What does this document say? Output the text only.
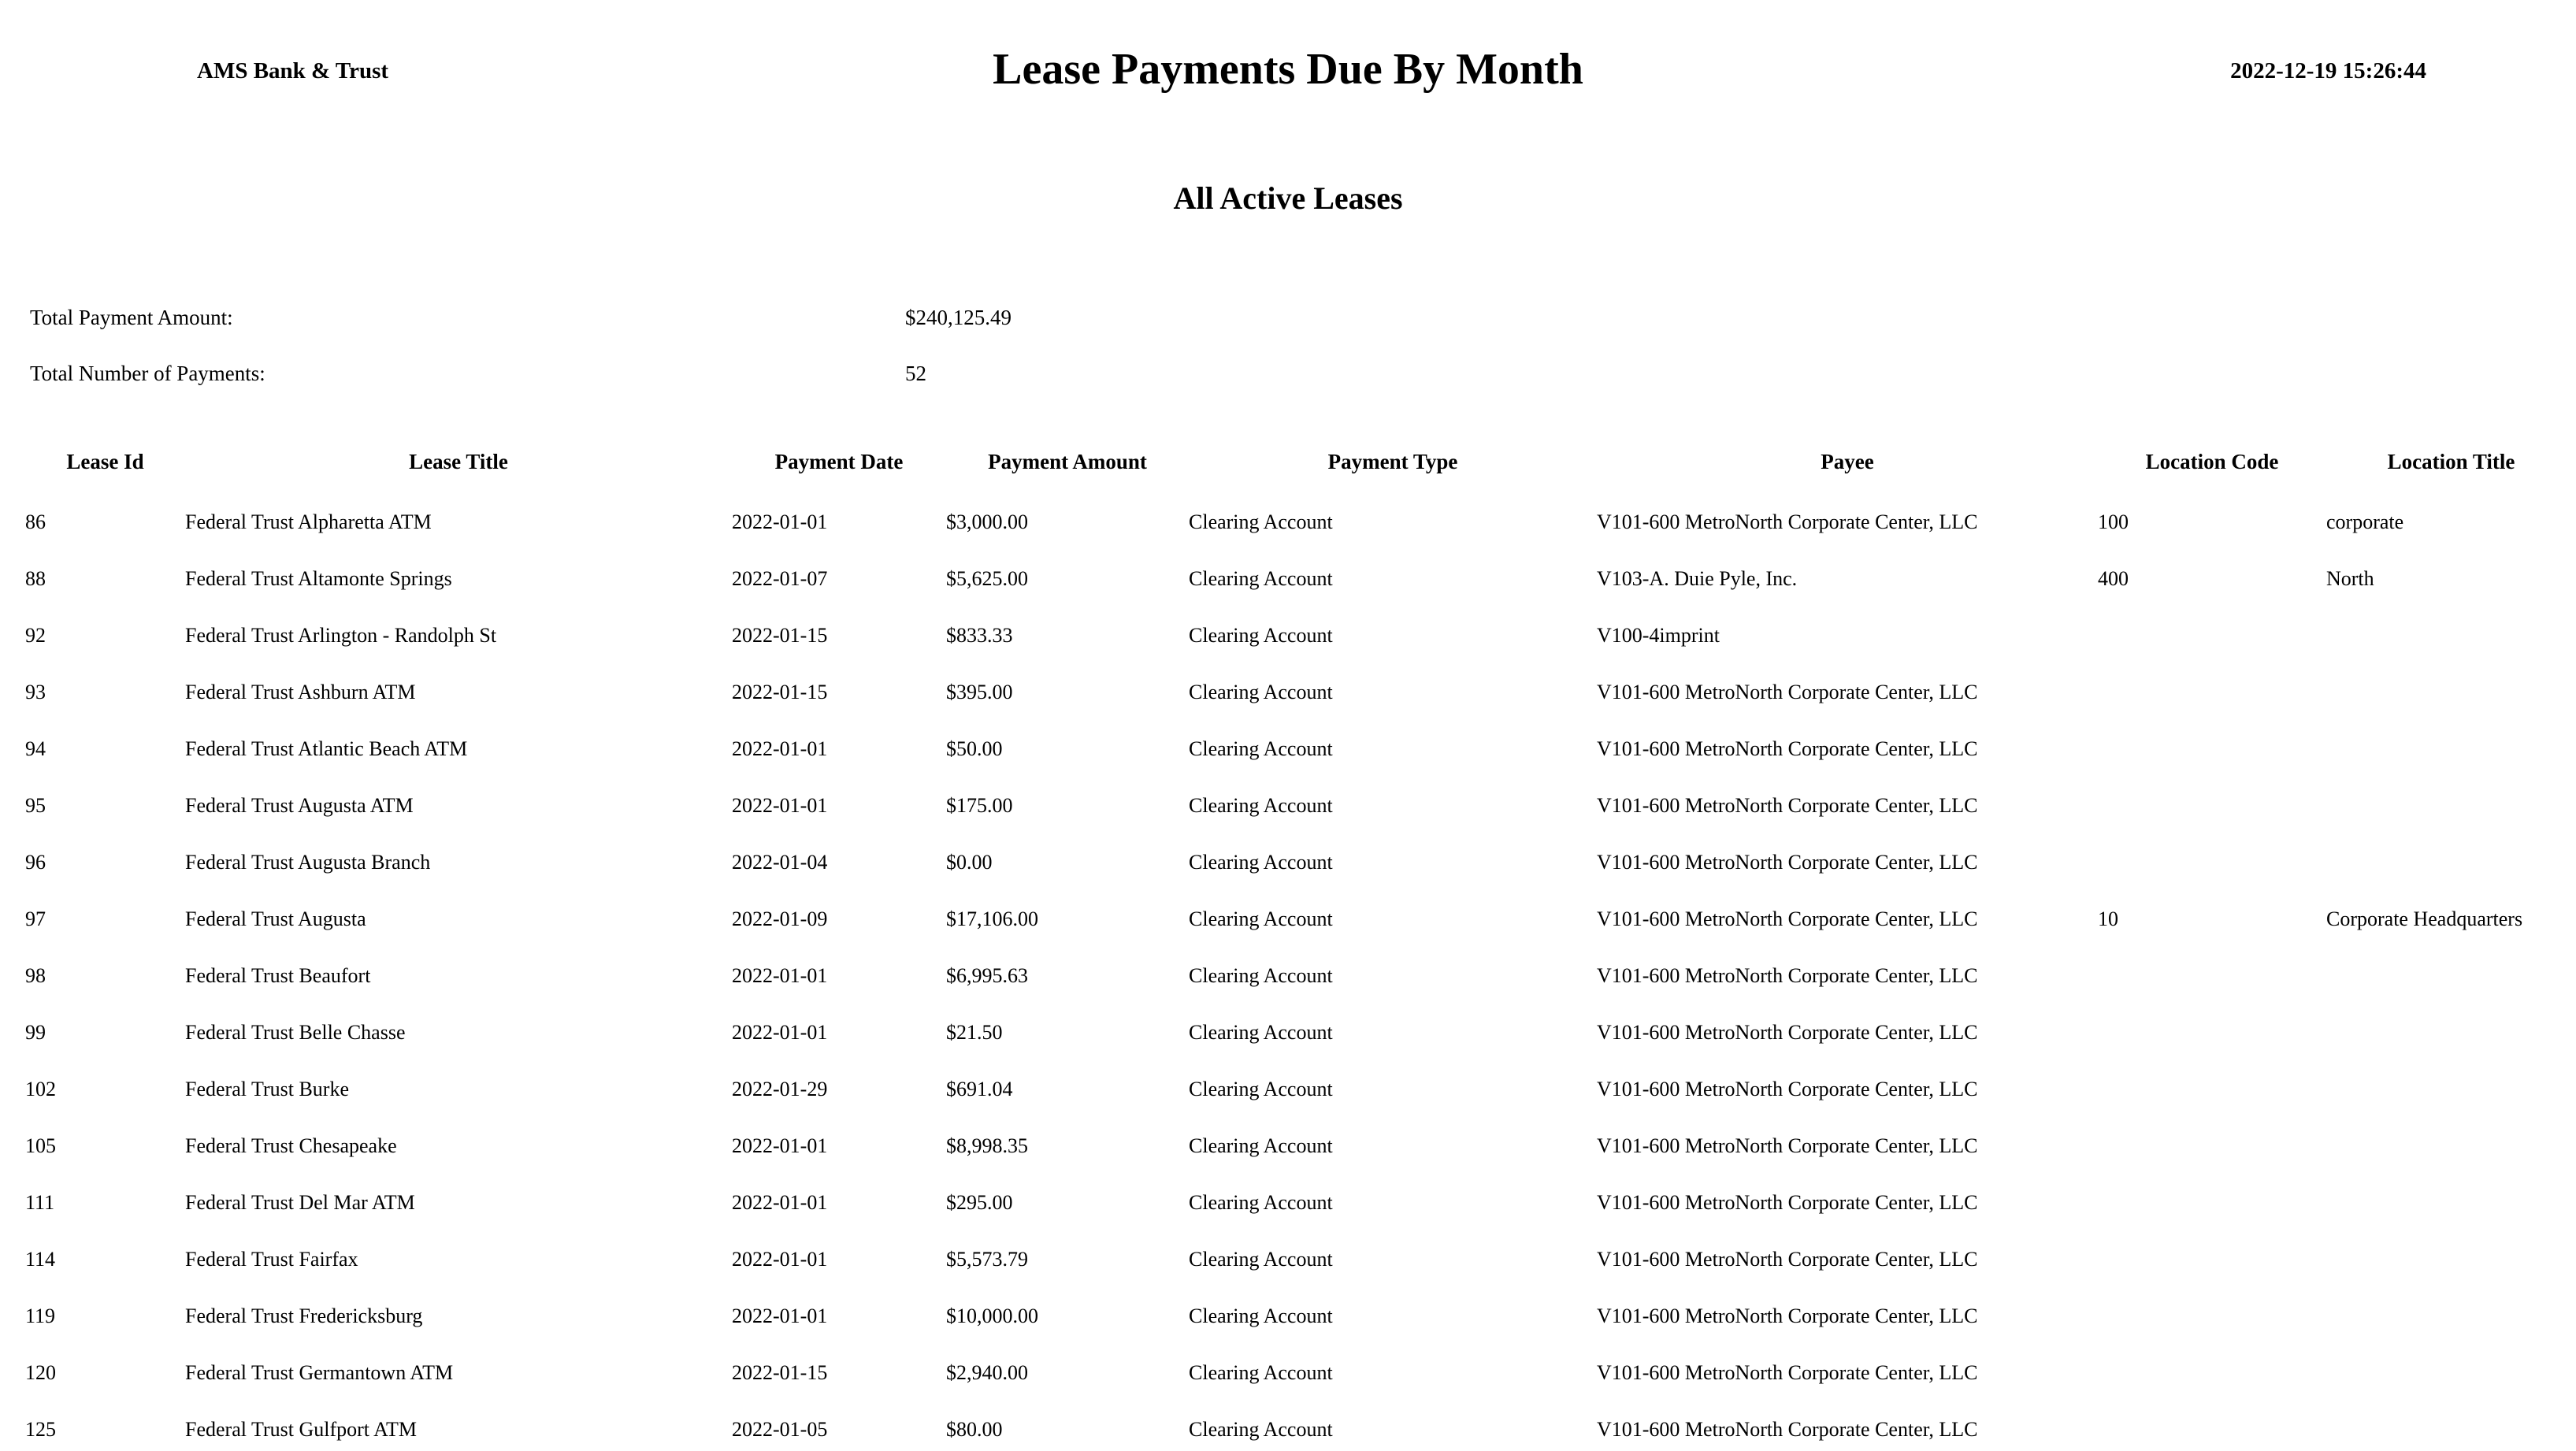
AMS Bank & Trust	Lease Payments Due By Month	2022-12-19 15:26:44
All Active Leases
Total Payment Amount:	$240,125.49
Total Number of Payments:	52
Lease Id	Lease Title	Payment Date	Payment Amount	Payment Type	Payee	Location Code	Location Title
86	Federal Trust Alpharetta ATM	2022-01-01	$3,000.00	Clearing Account	V101-600 MetroNorth Corporate Center, LLC	100	corporate
88	Federal Trust Altamonte Springs	2022-01-07	$5,625.00	Clearing Account	V103-A. Duie Pyle, Inc.	400	North
92	Federal Trust Arlington - Randolph St	2022-01-15	$833.33	Clearing Account	V100-4imprint
93	Federal Trust Ashburn ATM	2022-01-15	$395.00	Clearing Account	V101-600 MetroNorth Corporate Center, LLC
94	Federal Trust Atlantic Beach ATM	2022-01-01	$50.00	Clearing Account	V101-600 MetroNorth Corporate Center, LLC
95	Federal Trust Augusta ATM	2022-01-01	$175.00	Clearing Account	V101-600 MetroNorth Corporate Center, LLC
96	Federal Trust Augusta Branch	2022-01-04	$0.00	Clearing Account	V101-600 MetroNorth Corporate Center, LLC
97	Federal Trust Augusta	2022-01-09	$17,106.00	Clearing Account	V101-600 MetroNorth Corporate Center, LLC	10	Corporate Headquarters
98	Federal Trust Beaufort	2022-01-01	$6,995.63	Clearing Account	V101-600 MetroNorth Corporate Center, LLC
99	Federal Trust Belle Chasse	2022-01-01	$21.50	Clearing Account	V101-600 MetroNorth Corporate Center, LLC
102	Federal Trust Burke	2022-01-29	$691.04	Clearing Account	V101-600 MetroNorth Corporate Center, LLC
105	Federal Trust Chesapeake	2022-01-01	$8,998.35	Clearing Account	V101-600 MetroNorth Corporate Center, LLC
111	Federal Trust Del Mar ATM	2022-01-01	$295.00	Clearing Account	V101-600 MetroNorth Corporate Center, LLC
114	Federal Trust Fairfax	2022-01-01	$5,573.79	Clearing Account	V101-600 MetroNorth Corporate Center, LLC
119	Federal Trust Fredericksburg	2022-01-01	$10,000.00	Clearing Account	V101-600 MetroNorth Corporate Center, LLC
120	Federal Trust Germantown ATM	2022-01-15	$2,940.00	Clearing Account	V101-600 MetroNorth Corporate Center, LLC
125	Federal Trust Gulfport ATM	2022-01-05	$80.00	Clearing Account	V101-600 MetroNorth Corporate Center, LLC
